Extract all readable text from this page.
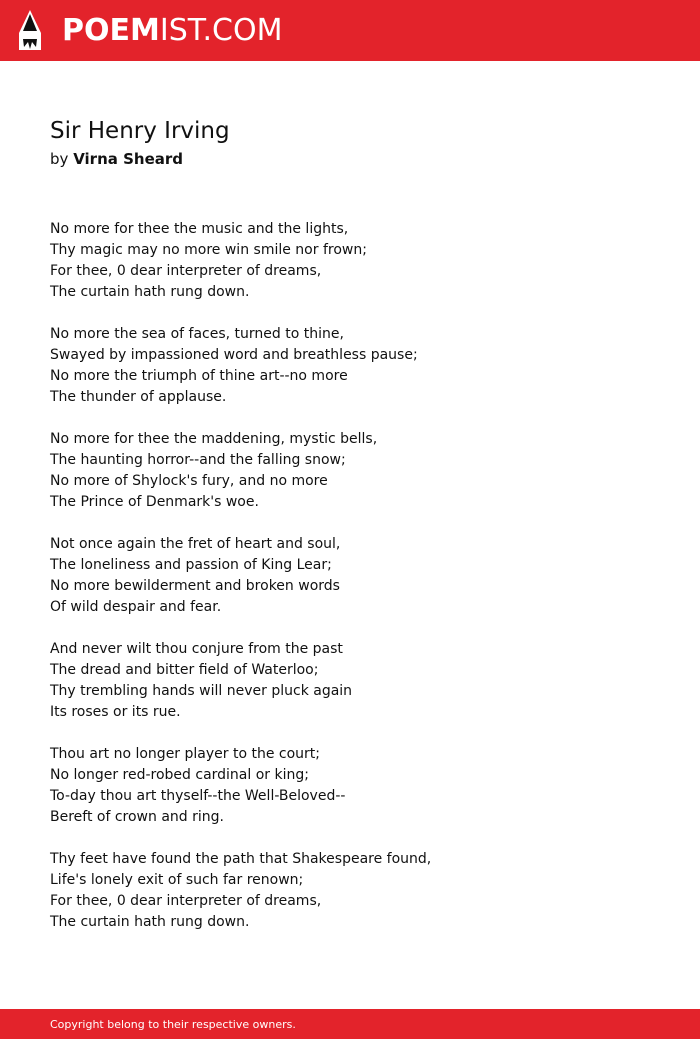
POEMIST.COM
Sir Henry Irving
by Virna Sheard
No more for thee the music and the lights,
Thy magic may no more win smile nor frown;
For thee, 0 dear interpreter of dreams,
The curtain hath rung down.
No more the sea of faces, turned to thine,
Swayed by impassioned word and breathless pause;
No more the triumph of thine art--no more
The thunder of applause.
No more for thee the maddening, mystic bells,
The haunting horror--and the falling snow;
No more of Shylock's fury, and no more
The Prince of Denmark's woe.
Not once again the fret of heart and soul,
The loneliness and passion of King Lear;
No more bewilderment and broken words
Of wild despair and fear.
And never wilt thou conjure from the past
The dread and bitter field of Waterloo;
Thy trembling hands will never pluck again
Its roses or its rue.
Thou art no longer player to the court;
No longer red-robed cardinal or king;
To-day thou art thyself--the Well-Beloved--
Bereft of crown and ring.
Thy feet have found the path that Shakespeare found,
Life's lonely exit of such far renown;
For thee, 0 dear interpreter of dreams,
The curtain hath rung down.
Copyright belong to their respective owners.
